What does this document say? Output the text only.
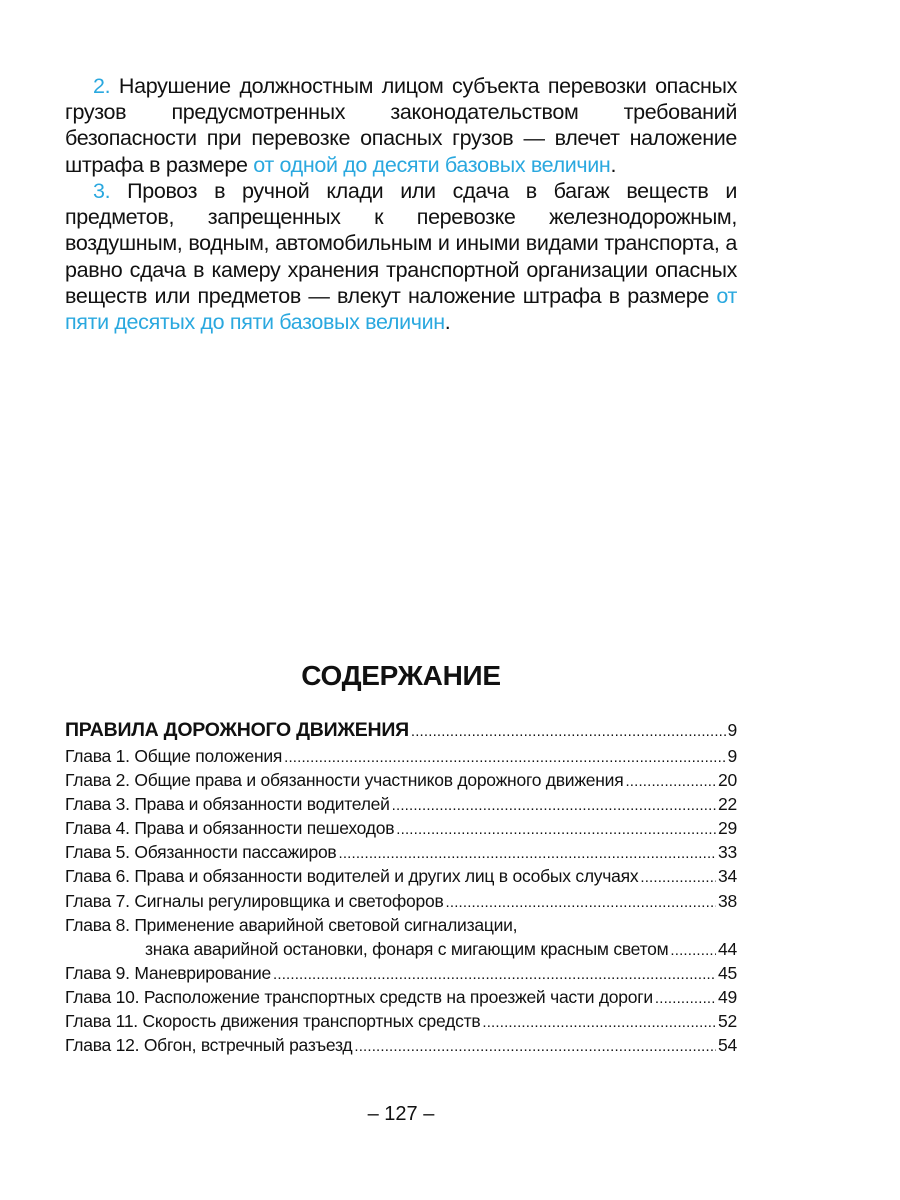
2. Нарушение должностным лицом субъекта перевозки опасных грузов предусмотренных законодательством требований безопасности при перевозке опасных грузов — влечет наложение штрафа в размере от одной до десяти базовых величин.

3. Провоз в ручной клади или сдача в багаж веществ и предметов, запрещенных к перевозке железнодорожным, воздушным, водным, автомобильным и иными видами транспорта, а равно сдача в камеру хранения транспортной организации опасных веществ или предметов — влекут наложение штрафа в размере от пяти десятых до пяти базовых величин.

СОДЕРЖАНИЕ
ПРАВИЛА ДОРОЖНОГО ДВИЖЕНИЯ . . .	9
Глава 1. Общие положения . . .	9
Глава 2. Общие права и обязанности участников дорожного движения . . .	20
Глава 3. Права и обязанности водителей . . .	22
Глава 4. Права и обязанности пешеходов . . .	29
Глава 5. Обязанности пассажиров . . .	33
Глава 6. Права и обязанности водителей и других лиц в особых случаях . . .	34
Глава 7. Сигналы регулировщика и светофоров . . .	38
Глава 8. Применение аварийной световой сигнализации,
знака аварийной остановки, фонаря с мигающим красным светом . . .	44
Глава 9. Маневрирование . . .	45
Глава 10. Расположение транспортных средств на проезжей части дороги . . .	49
Глава 11. Скорость движения транспортных средств . . .	52
Глава 12. Обгон, встречный разъезд . . .	54
– 127 –
